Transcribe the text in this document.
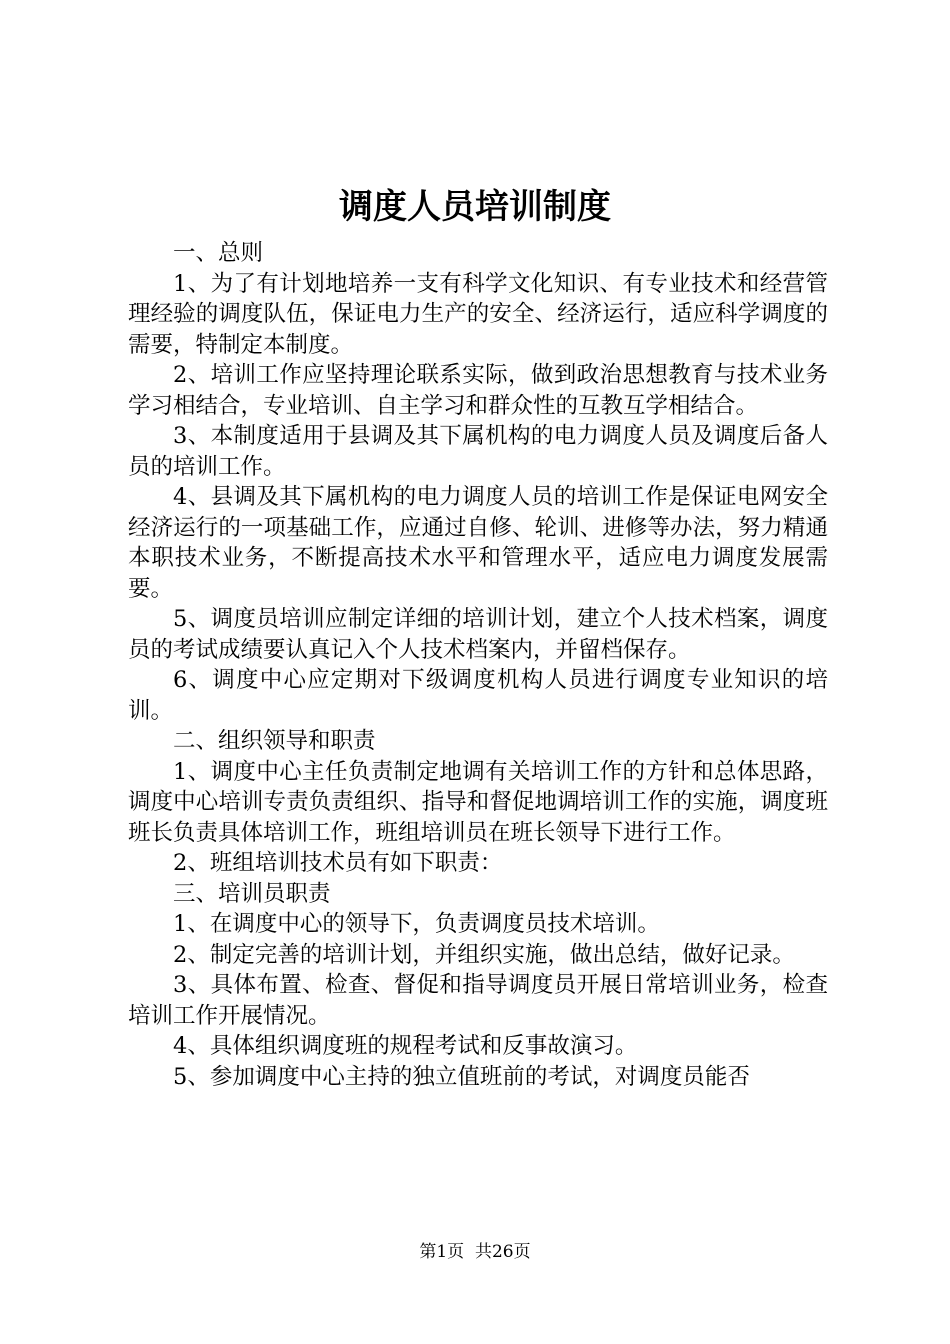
调度人员培训制度

一、总则

1、为了有计划地培养一支有科学文化知识、有专业技术和经营管理经验的调度队伍，保证电力生产的安全、经济运行，适应科学调度的需要，特制定本制度。

2、培训工作应坚持理论联系实际，做到政治思想教育与技术业务学习相结合，专业培训、自主学习和群众性的互教互学相结合。

3、本制度适用于县调及其下属机构的电力调度人员及调度后备人员的培训工作。

4、县调及其下属机构的电力调度人员的培训工作是保证电网安全经济运行的一项基础工作，应通过自修、轮训、进修等办法，努力精通本职技术业务，不断提高技术水平和管理水平，适应电力调度发展需要。

5、调度员培训应制定详细的培训计划，建立个人技术档案，调度员的考试成绩要认真记入个人技术档案内，并留档保存。

6、调度中心应定期对下级调度机构人员进行调度专业知识的培训。

二、组织领导和职责

1、调度中心主任负责制定地调有关培训工作的方针和总体思路，调度中心培训专责负责组织、指导和督促地调培训工作的实施，调度班班长负责具体培训工作，班组培训员在班长领导下进行工作。

2、班组培训技术员有如下职责：

三、培训员职责

1、在调度中心的领导下，负责调度员技术培训。

2、制定完善的培训计划，并组织实施，做出总结，做好记录。

3、具体布置、检查、督促和指导调度员开展日常培训业务，检查培训工作开展情况。

4、具体组织调度班的规程考试和反事故演习。

5、参加调度中心主持的独立值班前的考试，对调度员能否

第1页  共26页
